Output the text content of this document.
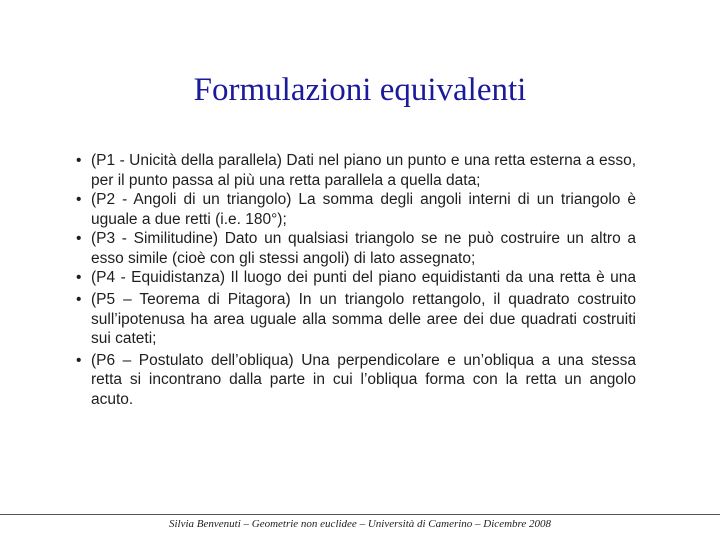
Formulazioni equivalenti
• (P1 - Unicità della parallela) Dati nel piano un punto e una retta esterna a esso, per il punto passa al più una retta parallela a quella data;
• (P2 - Angoli di un triangolo) La somma degli angoli interni di un triangolo è uguale a due retti (i.e. 180°);
• (P3 - Similitudine) Dato un qualsiasi triangolo se ne può costruire un altro a esso simile (cioè con gli stessi angoli) di lato assegnato;
• (P4 - Equidistanza) Il luogo dei punti del piano equidistanti da una retta è una
• (P5 – Teorema di Pitagora) In un triangolo rettangolo, il quadrato costruito sull’ipotenusa ha area uguale alla somma delle aree dei due quadrati costruiti sui cateti;
• (P6 – Postulato dell’obliqua) Una perpendicolare e un’obliqua a una stessa retta si incontrano dalla parte in cui l’obliqua forma con la retta un angolo acuto.
Silvia Benvenuti – Geometrie non euclidee – Università di Camerino – Dicembre 2008
